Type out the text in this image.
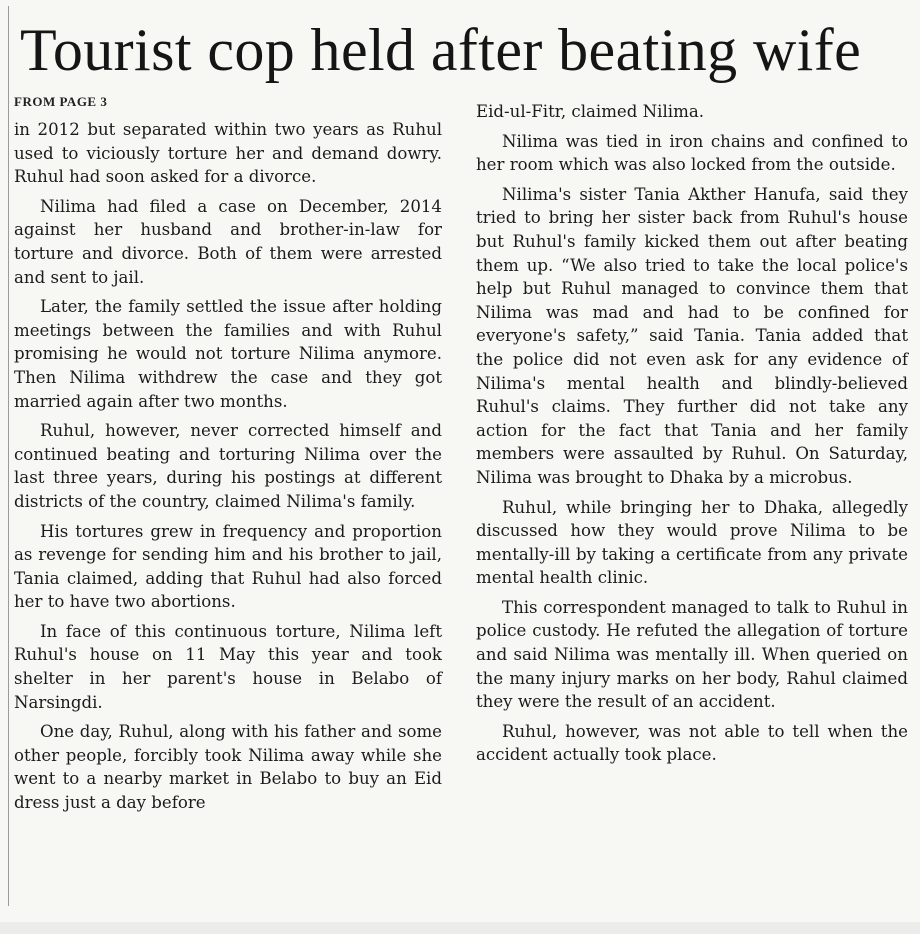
Tourist cop held after beating wife
FROM PAGE 3

in 2012 but separated within two years as Ruhul used to viciously torture her and demand dowry. Ruhul had soon asked for a divorce.

Nilima had filed a case on December, 2014 against her husband and brother-in-law for torture and divorce. Both of them were arrested and sent to jail.

Later, the family settled the issue after holding meetings between the families and with Ruhul promising he would not torture Nilima anymore. Then Nilima withdrew the case and they got married again after two months.

Ruhul, however, never corrected himself and continued beating and torturing Nilima over the last three years, during his postings at different districts of the country, claimed Nilima's family.

His tortures grew in frequency and proportion as revenge for sending him and his brother to jail, Tania claimed, adding that Ruhul had also forced her to have two abortions.

In face of this continuous torture, Nilima left Ruhul's house on 11 May this year and took shelter in her parent's house in Belabo of Narsingdi.

One day, Ruhul, along with his father and some other people, forcibly took Nilima away while she went to a nearby market in Belabo to buy an Eid dress just a day before

Eid-ul-Fitr, claimed Nilima.

Nilima was tied in iron chains and confined to her room which was also locked from the outside.

Nilima's sister Tania Akther Hanufa, said they tried to bring her sister back from Ruhul's house but Ruhul's family kicked them out after beating them up. “We also tried to take the local police's help but Ruhul managed to convince them that Nilima was mad and had to be confined for everyone's safety,” said Tania. Tania added that the police did not even ask for any evidence of Nilima's mental health and blindly-believed Ruhul's claims. They further did not take any action for the fact that Tania and her family members were assaulted by Ruhul. On Saturday, Nilima was brought to Dhaka by a microbus.

Ruhul, while bringing her to Dhaka, allegedly discussed how they would prove Nilima to be mentally-ill by taking a certificate from any private mental health clinic.

This correspondent managed to talk to Ruhul in police custody. He refuted the allegation of torture and said Nilima was mentally ill. When queried on the many injury marks on her body, Rahul claimed they were the result of an accident.

Ruhul, however, was not able to tell when the accident actually took place.
